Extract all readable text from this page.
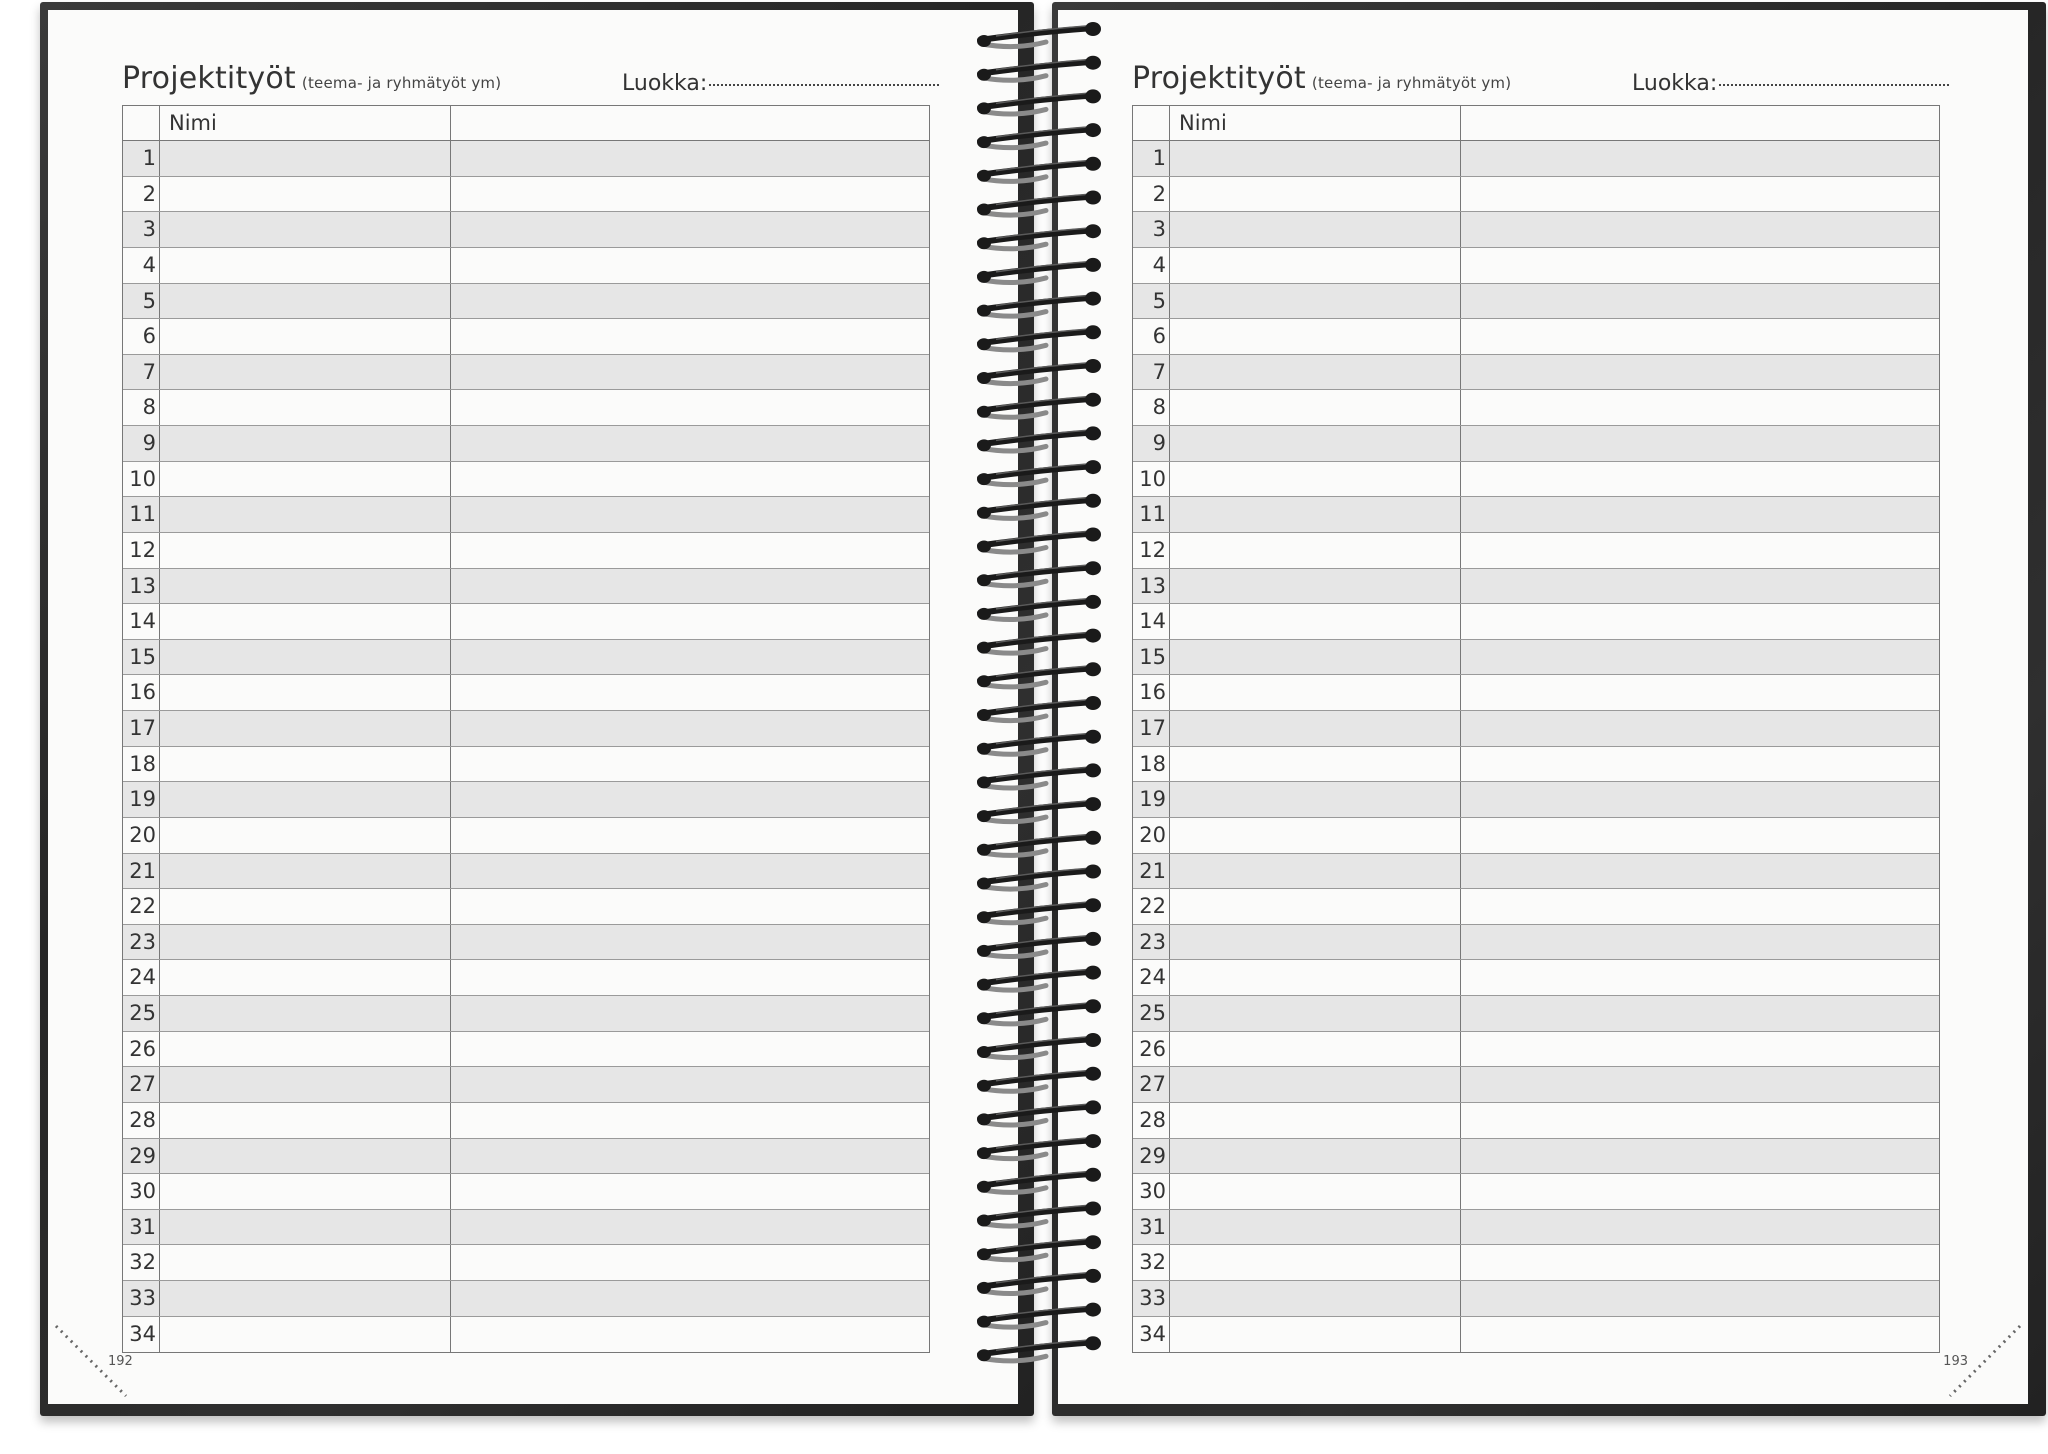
Projektityöt (teema- ja ryhmätyöt ym)	Luokka:
Nimi
1
2
3
4
5
6
7
8
9
10
11
12
13
14
15
16
17
18
19
20
21
22
23
24
25
26
27
28
29
30
31
32
33
34
192
Projektityöt (teema- ja ryhmätyöt ym)	Luokka:
Nimi
1
2
3
4
5
6
7
8
9
10
11
12
13
14
15
16
17
18
19
20
21
22
23
24
25
26
27
28
29
30
31
32
33
34
193
